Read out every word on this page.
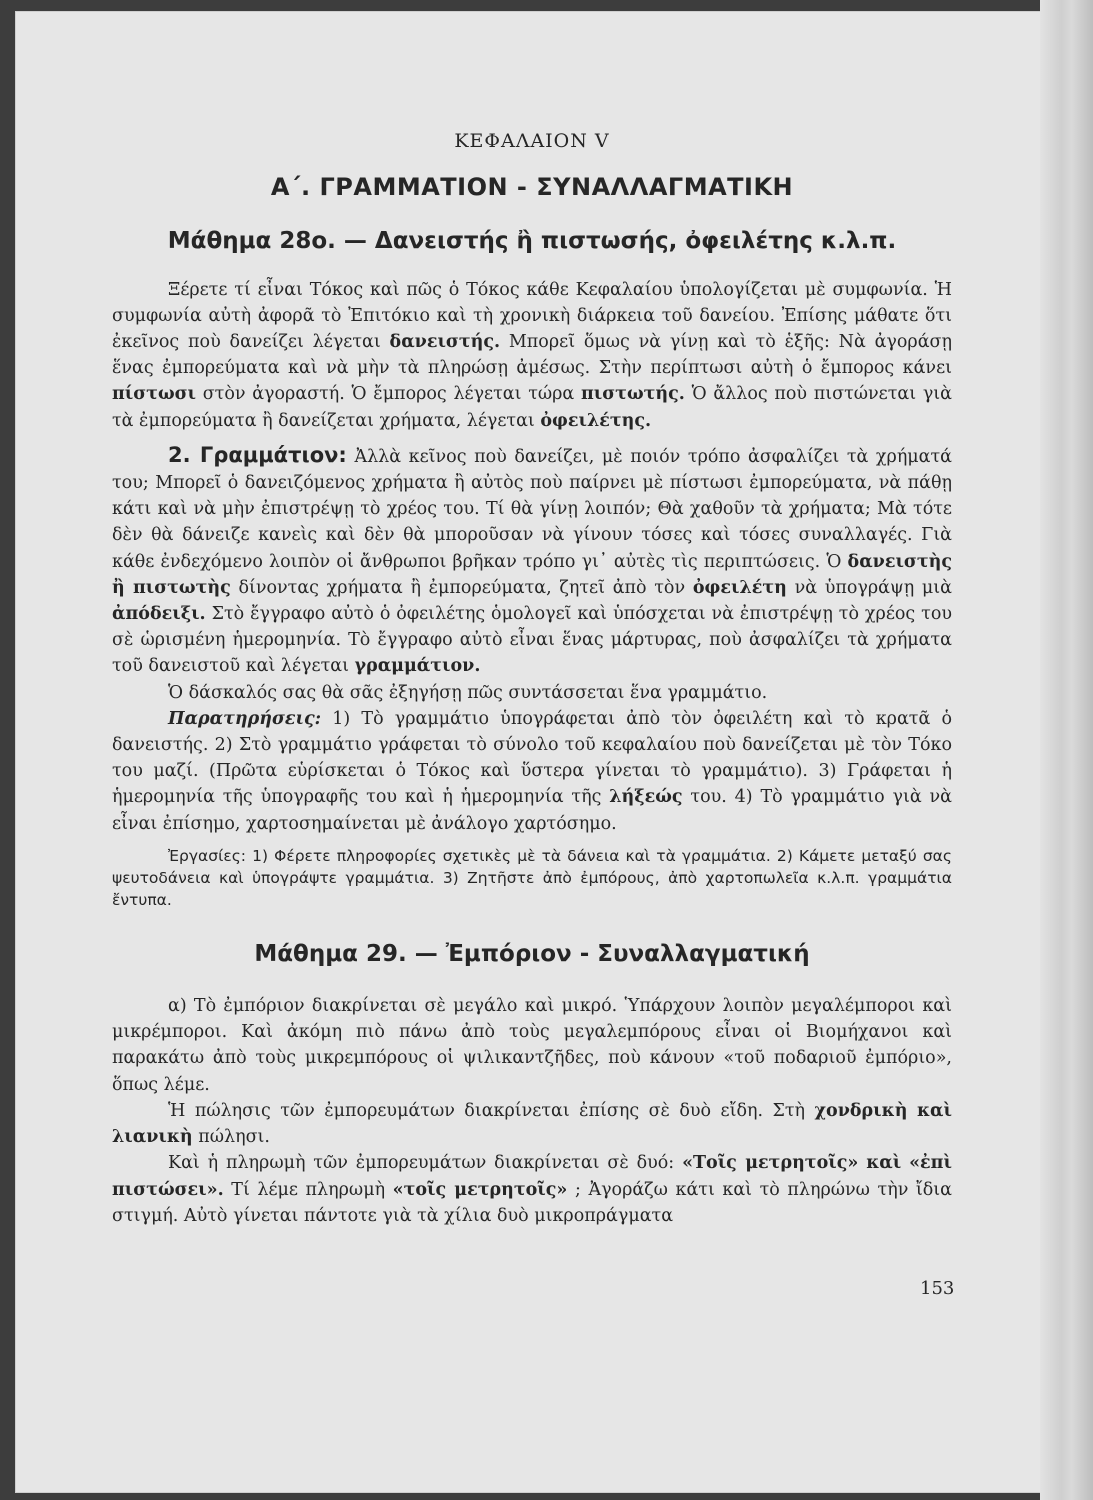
ΚΕΦΑΛΑΙΟΝ V
Α΄. ΓΡΑΜΜΑΤΙΟΝ - ΣΥΝΑΛΛΑΓΜΑΤΙΚΗ
Μάθημα 28ο. — Δανειστής ἢ πιστωσής, ὀφειλέτης κ.λ.π.

Ξέρετε τί εἶναι Τόκος καὶ πῶς ὁ Τόκος κάθε Κεφαλαίου ὑπολογίζεται μὲ συμφωνία. Ἡ συμφωνία αὐτὴ ἀφορᾶ τὸ Ἐπιτόκιο καὶ τὴ χρονικὴ διάρκεια τοῦ δανείου. Ἐπίσης μάθατε ὅτι ἐκεῖνος ποὺ δανείζει λέγεται δανειστής. Μπορεῖ ὅμως νὰ γίνῃ καὶ τὸ ἑξῆς: Νὰ ἀγοράσῃ ἕνας ἐμπορεύματα καὶ νὰ μὴν τὰ πληρώσῃ ἀμέσως. Στὴν περίπτωσι αὐτὴ ὁ ἔμπορος κάνει πίστωσι στὸν ἀγοραστή. Ὁ ἔμπορος λέγεται τώρα πιστωτής. Ὁ ἄλλος ποὺ πιστώνεται γιὰ τὰ ἐμπορεύματα ἢ δανείζεται χρήματα, λέγεται ὀφειλέτης.

2. Γραμμάτιον: Ἀλλὰ κεῖνος ποὺ δανείζει, μὲ ποιόν τρόπο ἀσφαλίζει τὰ χρήματά του; Μπορεῖ ὁ δανειζόμενος χρήματα ἢ αὐτὸς ποὺ παίρνει μὲ πίστωσι ἐμπορεύματα, νὰ πάθῃ κάτι καὶ νὰ μὴν ἐπιστρέψῃ τὸ χρέος του. Τί θὰ γίνῃ λοιπόν; Θὰ χαθοῦν τὰ χρήματα; Μὰ τότε δὲν θὰ δάνειζε κανεὶς καὶ δὲν θὰ μποροῦσαν νὰ γίνουν τόσες καὶ τόσες συναλλαγές. Γιὰ κάθε ἐνδεχόμενο λοιπὸν οἱ ἄνθρωποι βρῆκαν τρόπο γι᾽ αὐτὲς τὶς περιπτώσεις. Ὁ δανειστὴς ἢ πιστωτὴς δίνοντας χρήματα ἢ ἐμπορεύματα, ζητεῖ ἀπὸ τὸν ὀφειλέτη νὰ ὑπογράψῃ μιὰ ἀπόδειξι. Στὸ ἔγγραφο αὐτὸ ὁ ὀφειλέτης ὁμολογεῖ καὶ ὑπόσχεται νὰ ἐπιστρέψῃ τὸ χρέος του σὲ ὡρισμένη ἡμερομηνία. Τὸ ἔγγραφο αὐτὸ εἶναι ἕνας μάρτυρας, ποὺ ἀσφαλίζει τὰ χρήματα τοῦ δανειστοῦ καὶ λέγεται γραμμάτιον.

Ὁ δάσκαλός σας θὰ σᾶς ἐξηγήσῃ πῶς συντάσσεται ἕνα γραμμάτιο.

Παρατηρήσεις: 1) Τὸ γραμμάτιο ὑπογράφεται ἀπὸ τὸν ὀφειλέτη καὶ τὸ κρατᾶ ὁ δανειστής. 2) Στὸ γραμμάτιο γράφεται τὸ σύνολο τοῦ κεφαλαίου ποὺ δανείζεται μὲ τὸν Τόκο του μαζί. (Πρῶτα εὑρίσκεται ὁ Τόκος καὶ ὕστερα γίνεται τὸ γραμμάτιο). 3) Γράφεται ἡ ἡμερομηνία τῆς ὑπογραφῆς του καὶ ἡ ἡμερομηνία τῆς λήξεώς του. 4) Τὸ γραμμάτιο γιὰ νὰ εἶναι ἐπίσημο, χαρτοσημαίνεται μὲ ἀνάλογο χαρτόσημο.

Ἐργασίες: 1) Φέρετε πληροφορίες σχετικὲς μὲ τὰ δάνεια καὶ τὰ γραμμάτια. 2) Κάμετε μεταξύ σας ψευτοδάνεια καὶ ὑπογράψτε γραμμάτια. 3) Ζητῆστε ἀπὸ ἐμπόρους, ἀπὸ χαρτοπωλεῖα κ.λ.π. γραμμάτια ἔντυπα.

Μάθημα 29. — Ἐμπόριον - Συναλλαγματική

α) Τὸ ἐμπόριον διακρίνεται σὲ μεγάλο καὶ μικρό. Ὑπάρχουν λοιπὸν μεγαλέμποροι καὶ μικρέμποροι. Καὶ ἀκόμη πιὸ πάνω ἀπὸ τοὺς μεγαλεμπόρους εἶναι οἱ Βιομήχανοι καὶ παρακάτω ἀπὸ τοὺς μικρεμπόρους οἱ ψιλικαντζῆδες, ποὺ κάνουν «τοῦ ποδαριοῦ ἐμπόριο», ὅπως λέμε.

Ἡ πώλησις τῶν ἐμπορευμάτων διακρίνεται ἐπίσης σὲ δυὸ εἴδη. Στὴ χονδρικὴ καὶ λιανικὴ πώλησι.

Καὶ ἡ πληρωμὴ τῶν ἐμπορευμάτων διακρίνεται σὲ δυό: «Τοῖς μετρητοῖς» καὶ «ἐπὶ πιστώσει». Τί λέμε πληρωμὴ «τοῖς μετρητοῖς» ; Ἀγοράζω κάτι καὶ τὸ πληρώνω τὴν ἴδια στιγμή. Αὐτὸ γίνεται πάντοτε γιὰ τὰ χίλια δυὸ μικροπράγματα

153
